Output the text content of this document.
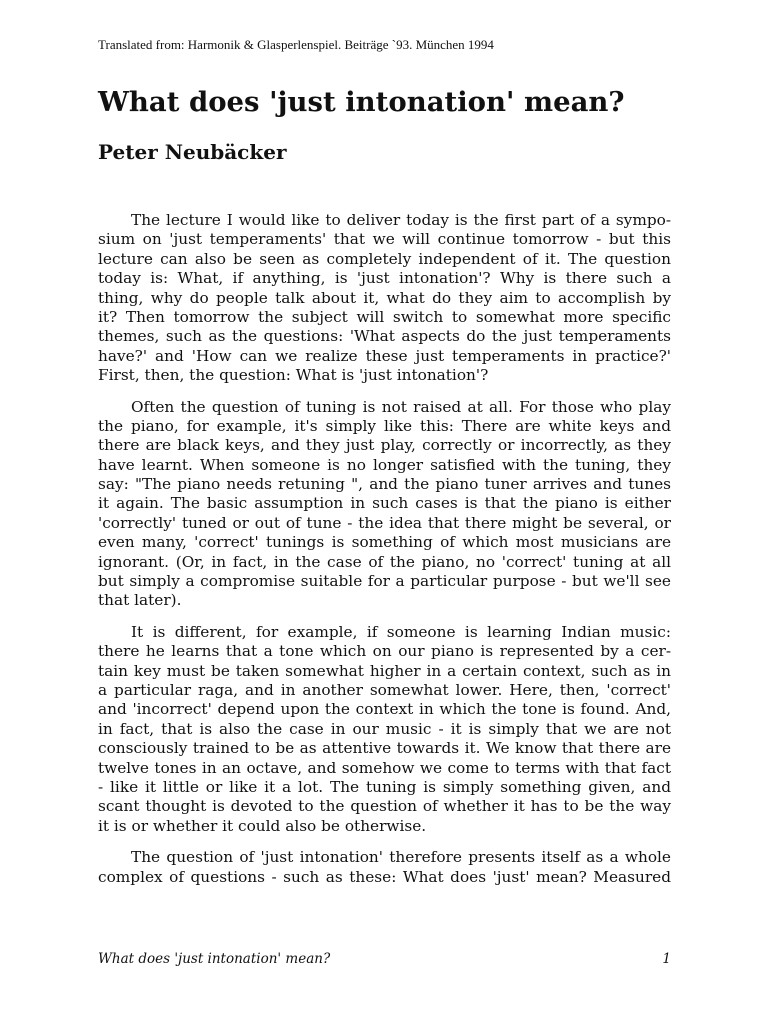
Translated from: Harmonik & Glasperlenspiel. Beiträge `93. München 1994
What does 'just intonation' mean?
Peter Neubäcker
The lecture I would like to deliver today is the first part of a sympo-
sium on 'just temperaments' that we will continue tomorrow - but this
lecture can also be seen as completely independent of it. The question
today is: What, if anything, is 'just intonation'? Why is there such a
thing, why do people talk about it, what do they aim to accomplish by
it? Then tomorrow the subject will switch to somewhat more specific
themes, such as the questions: 'What aspects do the just temperaments
have?' and 'How can we realize these just temperaments in practice?'
First, then, the question: What is 'just intonation'?
Often the question of tuning is not raised at all. For those who play
the piano, for example, it's simply like this: There are white keys and
there are black keys, and they just play, correctly or incorrectly, as they
have learnt. When someone is no longer satisfied with the tuning, they
say: "The piano needs retuning ", and the piano tuner arrives and tunes
it again. The basic assumption in such cases is that the piano is either
'correctly' tuned or out of tune - the idea that there might be several, or
even many, 'correct' tunings is something of which most musicians are
ignorant. (Or, in fact, in the case of the piano, no 'correct' tuning at all
but simply a compromise suitable for a particular purpose - but we'll see
that later).
It is different, for example, if someone is learning Indian music:
there he learns that a tone which on our piano is represented by a cer-
tain key must be taken somewhat higher in a certain context, such as in
a particular raga, and in another somewhat lower. Here, then, 'correct'
and 'incorrect' depend upon the context in which the tone is found. And,
in fact, that is also the case in our music - it is simply that we are not
consciously trained to be as attentive towards it. We know that there are
twelve tones in an octave, and somehow we come to terms with that fact
- like it little or like it a lot. The tuning is simply something given, and
scant thought is devoted to the question of whether it has to be the way
it is or whether it could also be otherwise.
The question of 'just intonation' therefore presents itself as a whole
complex of questions - such as these: What does 'just' mean? Measured
What does 'just intonation' mean?	1
